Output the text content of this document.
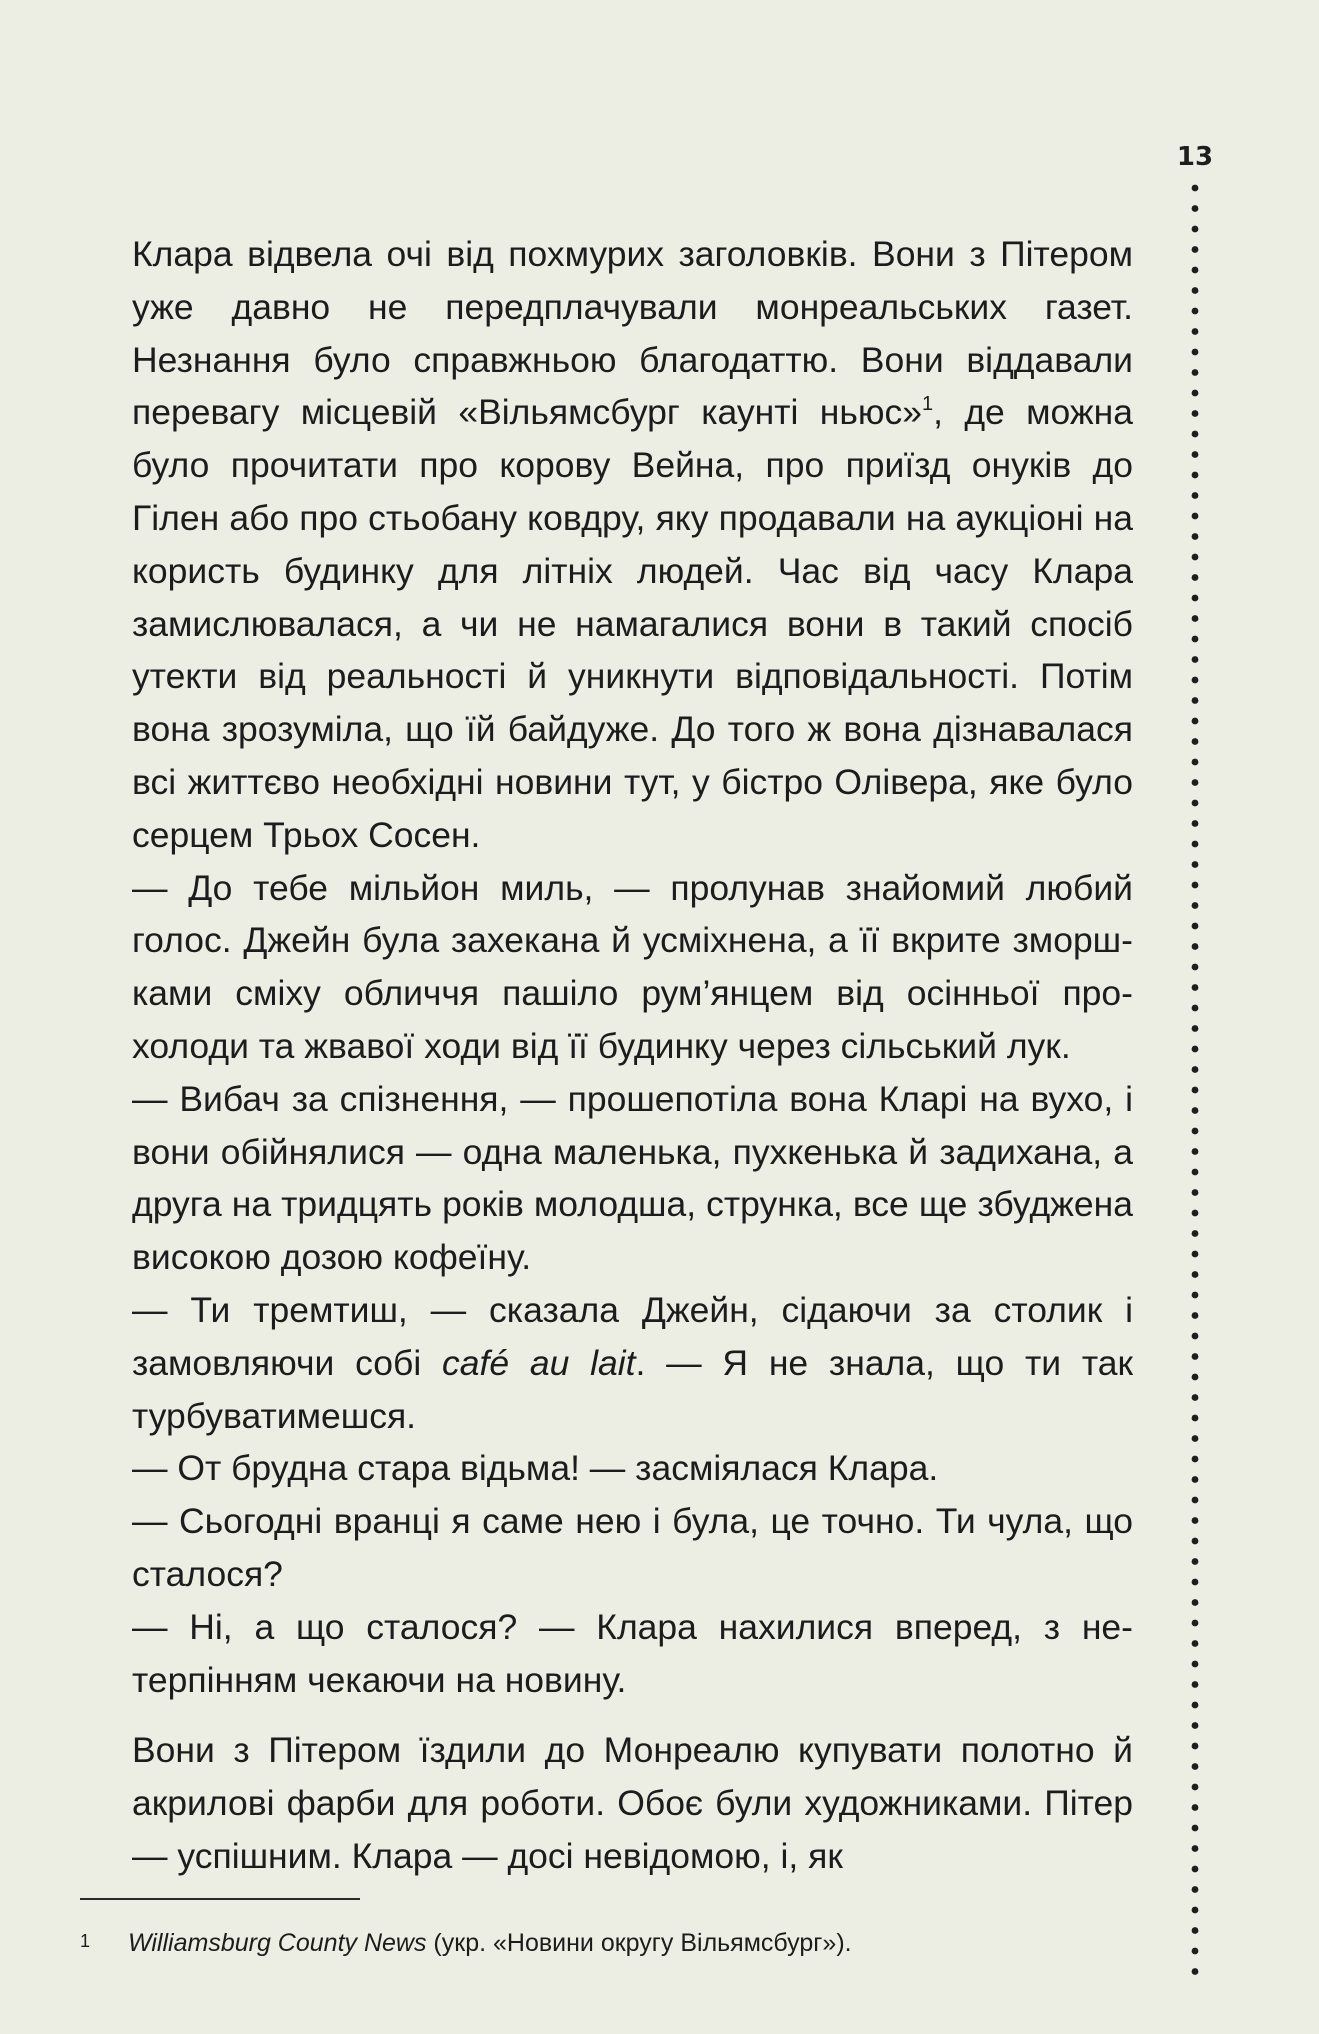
13

Клара відвела очі від похмурих заголовків. Вони з Пітером уже давно не передплачували монреальських газет. Незнання було справжньою благодаттю. Вони віддавали перевагу місцевій «Вільямсбург каунті ньюс»$^1$, де можна було прочитати про корову Вейна, про приїзд онуків до Гілен або про стьобану ковдру, яку продавали на аукціоні на користь будинку для літніх людей. Час від часу Клара замислювалася, а чи не намагалися вони в такий спосіб утекти від реальності й уникнути відповідальності. Потім вона зрозуміла, що їй байдуже. До того ж вона дізнавалася всі життєво необхідні новини тут, у бістро Олівера, яке було серцем Трьох Сосен.

— До тебе мільйон миль, — пролунав знайомий любий голос. Джейн була захекана й усміхнена, а її вкрите зморшками сміху обличчя пашіло рум’янцем від осінньої прохолоди та жвавої ходи від її будинку через сільський лук.

— Вибач за спізнення, — прошепотіла вона Кларі на вухо, і вони обійнялися — одна маленька, пухкенька й задихана, а друга на тридцять років молодша, струнка, все ще збуджена високою дозою кофеїну.

— Ти тремтиш, — сказала Джейн, сідаючи за столик і замовляючи собі café au lait. — Я не знала, що ти так турбуватимешся.

— От брудна стара відьма! — засміялася Клара.

— Сьогодні вранці я саме нею і була, це точно. Ти чула, що сталося?

— Ні, а що сталося? — Клара нахилися вперед, з нетерпінням чекаючи на новину.

Вони з Пітером їздили до Монреалю купувати полотно й акрилові фарби для роботи. Обоє були художниками. Пітер — успішним. Клара — досі невідомою, і, як

1 Williamsburg County News (укр. «Новини округу Вільямсбург»).
